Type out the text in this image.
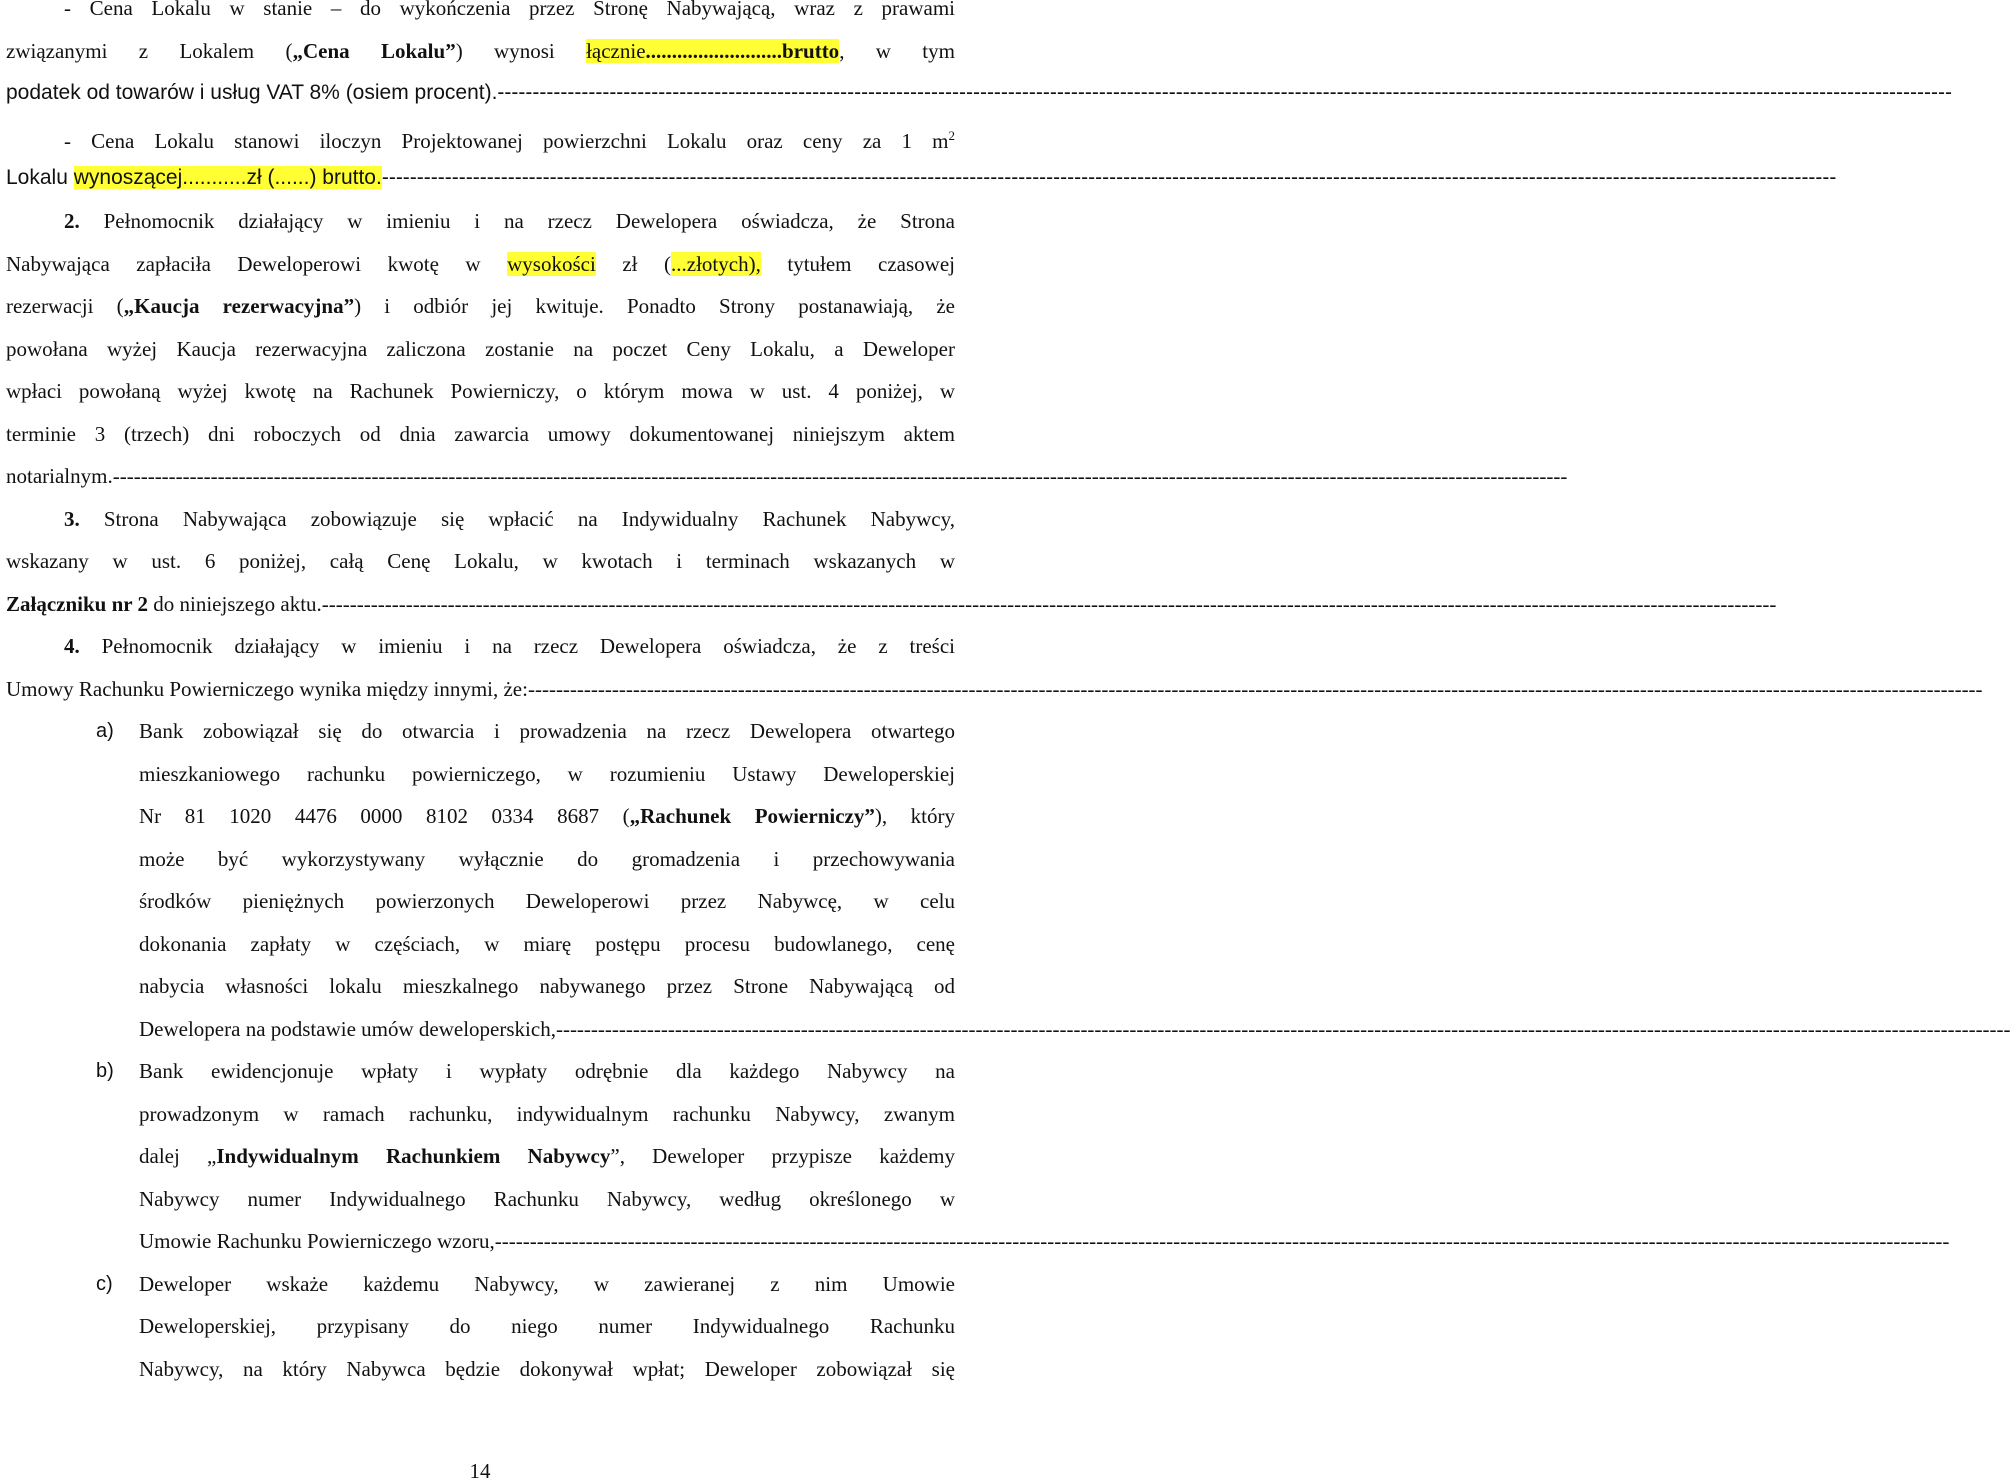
- Cena Lokalu w stanie – do wykończenia przez Stronę Nabywającą, wraz z prawami
związanymi z Lokalem („Cena Lokalu”) wynosi łącznie..........................brutto, w tym
podatek od towarów i usług VAT 8% (osiem procent).----------------------------------------------------------------------------------------------------------------------------------------------------------------------------------------------------------------
- Cena Lokalu stanowi iloczyn Projektowanej powierzchni Lokalu oraz ceny za 1 $m^2$
Lokalu wynoszącej...........zł (......) brutto.----------------------------------------------------------------------------------------------------------------------------------------------------------------------------------------------------------------
2. Pełnomocnik działający w imieniu i na rzecz Dewelopera oświadcza, że Strona
Nabywająca zapłaciła Deweloperowi kwotę w wysokości zł (...złotych), tytułem czasowej
rezerwacji („Kaucja rezerwacyjna”) i odbiór jej kwituje. Ponadto Strony postanawiają, że
powołana wyżej Kaucja rezerwacyjna zaliczona zostanie na poczet Ceny Lokalu, a Deweloper
wpłaci powołaną wyżej kwotę na Rachunek Powierniczy, o którym mowa w ust. 4 poniżej, w
terminie 3 (trzech) dni roboczych od dnia zawarcia umowy dokumentowanej niniejszym aktem
notarialnym.----------------------------------------------------------------------------------------------------------------------------------------------------------------------------------------------------------------
3. Strona Nabywająca zobowiązuje się wpłacić na Indywidualny Rachunek Nabywcy,
wskazany w ust. 6 poniżej, całą Cenę Lokalu, w kwotach i terminach wskazanych w
Załączniku nr 2 do niniejszego aktu.----------------------------------------------------------------------------------------------------------------------------------------------------------------------------------------------------------------
4. Pełnomocnik działający w imieniu i na rzecz Dewelopera oświadcza, że z treści
Umowy Rachunku Powierniczego wynika między innymi, że:----------------------------------------------------------------------------------------------------------------------------------------------------------------------------------------------------------------
a) Bank zobowiązał się do otwarcia i prowadzenia na rzecz Dewelopera otwartego
mieszkaniowego rachunku powierniczego, w rozumieniu Ustawy Deweloperskiej
Nr 81 1020 4476 0000 8102 0334 8687 („Rachunek Powierniczy”), który
może być wykorzystywany wyłącznie do gromadzenia i przechowywania
środków pieniężnych powierzonych Deweloperowi przez Nabywcę, w celu
dokonania zapłaty w częściach, w miarę postępu procesu budowlanego, cenę
nabycia własności lokalu mieszkalnego nabywanego przez Strone Nabywającą od
Dewelopera na podstawie umów deweloperskich,----------------------------------------------------------------------------------------------------------------------------------------------------------------------------------------------------------------
b) Bank ewidencjonuje wpłaty i wypłaty odrębnie dla każdego Nabywcy na
prowadzonym w ramach rachunku, indywidualnym rachunku Nabywcy, zwanym
dalej „Indywidualnym Rachunkiem Nabywcy”, Deweloper przypisze każdemy
Nabywcy numer Indywidualnego Rachunku Nabywcy, według określonego w
Umowie Rachunku Powierniczego wzoru,----------------------------------------------------------------------------------------------------------------------------------------------------------------------------------------------------------------
c) Deweloper wskaże każdemu Nabywcy, w zawieranej z nim Umowie
Deweloperskiej, przypisany do niego numer Indywidualnego Rachunku
Nabywcy, na który Nabywca będzie dokonywał wpłat; Deweloper zobowiązał się
14
